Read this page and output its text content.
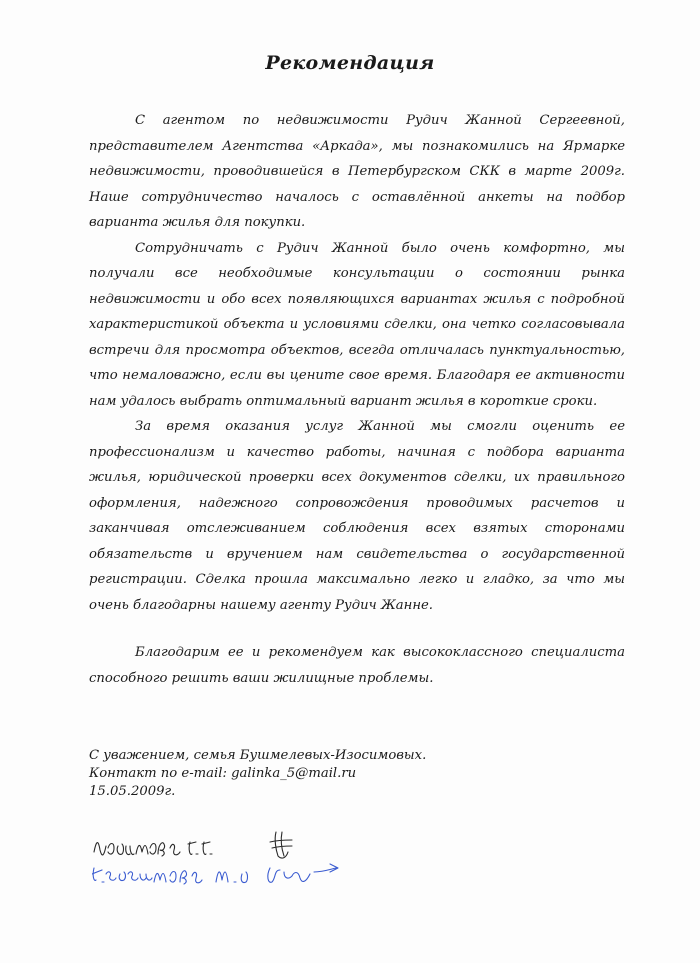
Рекомендация

С агентом по недвижимости Рудич Жанной Сергеевной, представителем Агентства «Аркада», мы познакомились на Ярмарке недвижимости, проводившейся в Петербургском СКК в марте 2009г. Наше сотрудничество началось с оставлённой анкеты на подбор варианта жилья для покупки.

Сотрудничать с Рудич Жанной было очень комфортно, мы получали все необходимые консультации о состоянии рынка недвижимости и обо всех появляющихся вариантах жилья с подробной характеристикой объекта и условиями сделки, она четко согласовывала встречи для просмотра объектов, всегда отличалась пунктуальностью, что немаловажно, если вы цените свое время. Благодаря ее активности нам удалось выбрать оптимальный вариант жилья в короткие сроки.

За время оказания услуг Жанной мы смогли оценить ее профессионализм и качество работы, начиная с подбора варианта жилья, юридической проверки всех документов сделки, их правильного оформления, надежного сопровождения проводимых расчетов и заканчивая отслеживанием соблюдения всех взятых сторонами обязательств и вручением нам свидетельства о государственной регистрации. Сделка прошла максимально легко и гладко, за что мы очень благодарны нашему агенту Рудич Жанне.

Благодарим ее и рекомендуем как высококлассного специалиста способного решить ваши жилищные проблемы.

С уважением, семья Бушмелевых-Изосимовых.
Контакт по e-mail: galinka_5@mail.ru
15.05.2009г.
